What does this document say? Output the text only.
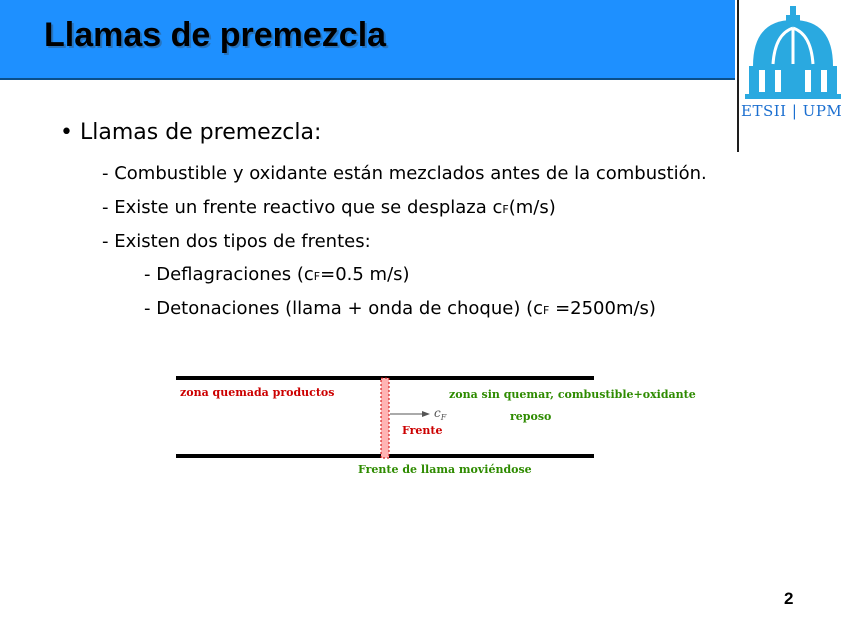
Llamas de premezcla
ETSII | UPM
• Llamas de premezcla:
- Combustible y oxidante están mezclados antes de la combustión.
- Existe un frente reactivo que se desplaza cF(m/s)
- Existen dos tipos de frentes:
- Deflagraciones (cF=0.5 m/s)
- Detonaciones (llama + onda de choque) (cF =2500m/s)
$c_F$
zona quemada productos	zona sin quemar, combustible+oxidante
reposo
Frente
Frente de llama moviéndose
2
